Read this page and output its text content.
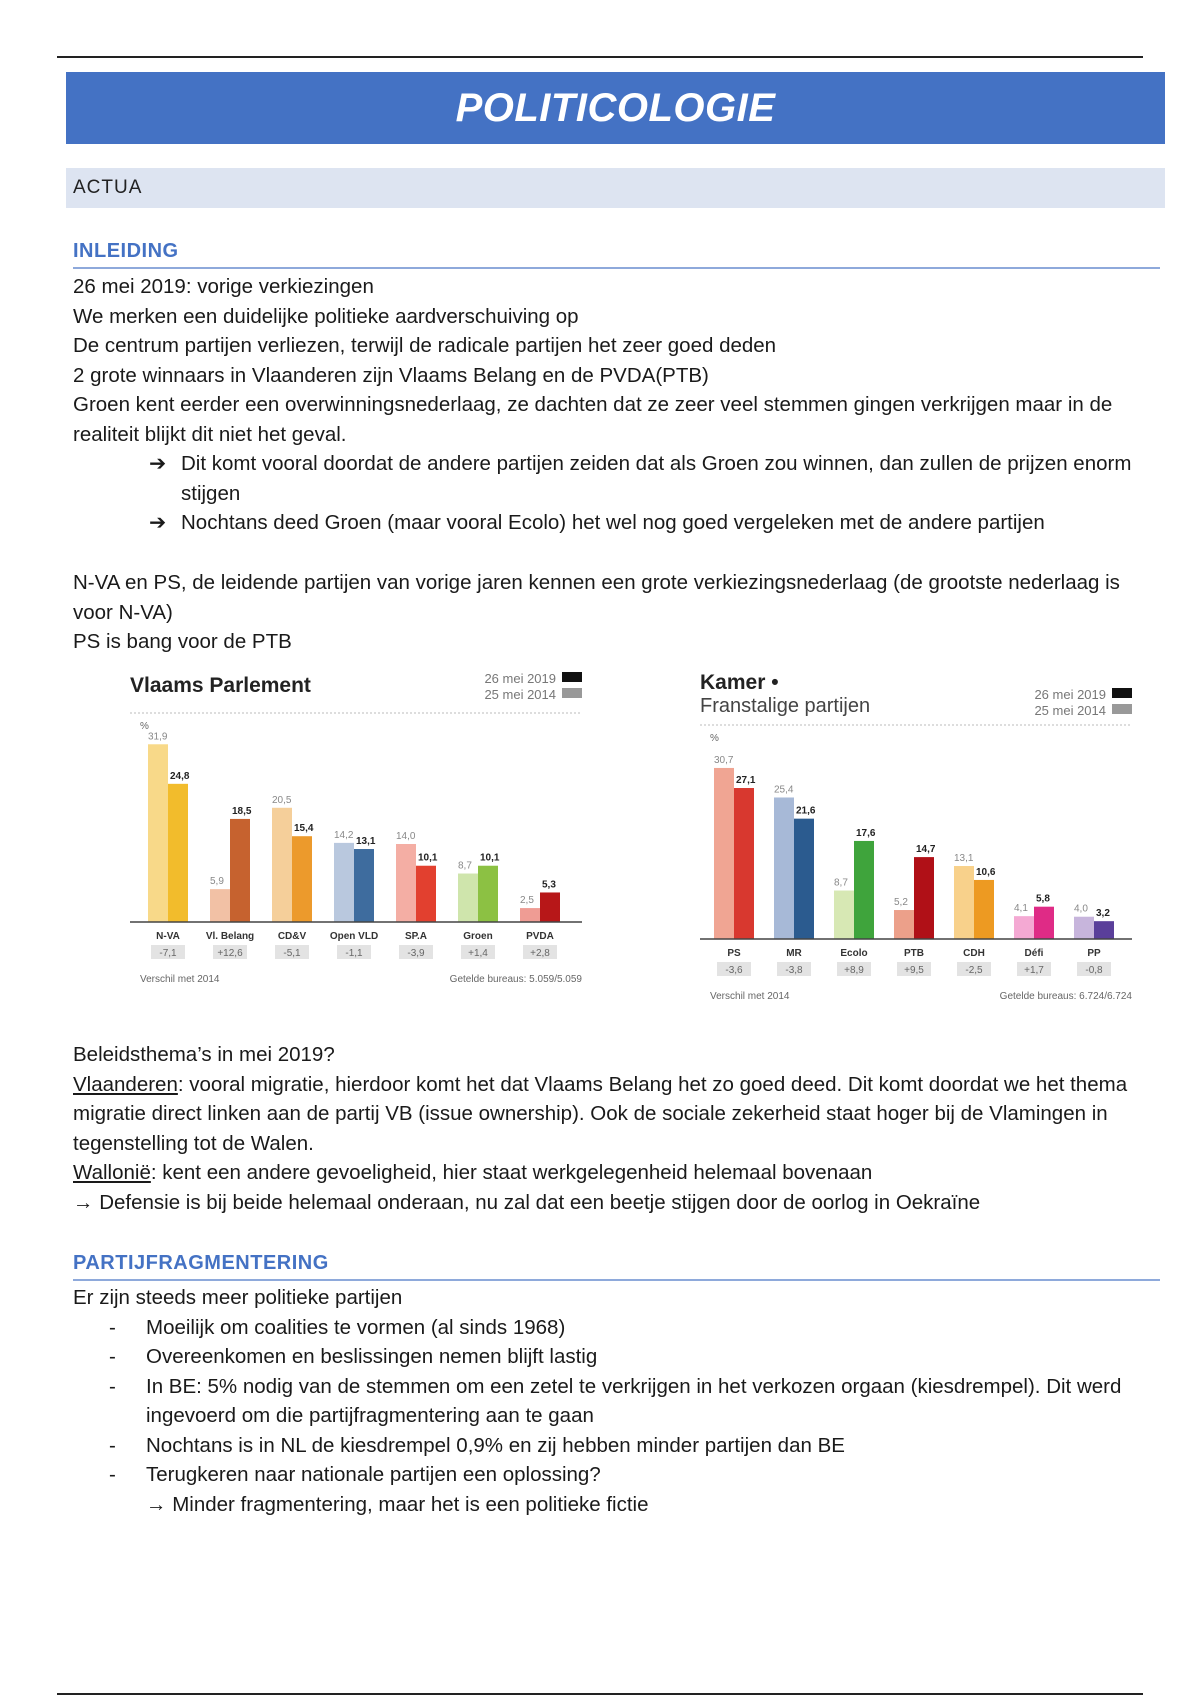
POLITICOLOGIE
ACTUA
INLEIDING

26 mei 2019: vorige verkiezingen

We merken een duidelijke politieke aardverschuiving op

De centrum partijen verliezen, terwijl de radicale partijen het zeer goed deden

2 grote winnaars in Vlaanderen zijn Vlaams Belang en de PVDA(PTB)

Groen kent eerder een overwinningsnederlaag, ze dachten dat ze zeer veel stemmen gingen verkrijgen maar in de realiteit blijkt dit niet het geval.

➔ Dit komt vooral doordat de andere partijen zeiden dat als Groen zou winnen, dan zullen de prijzen enorm stijgen

➔ Nochtans deed Groen (maar vooral Ecolo) het wel nog goed vergeleken met de andere partijen

N-VA en PS, de leidende partijen van vorige jaren kennen een grote verkiezingsnederlaag (de grootste nederlaag is voor N-VA)

PS is bang voor de PTB

Vlaams Parlement	26 mei 2019
25 mei 2014
%
31,9
24,8
N-VA
-7,1
5,9
18,5
Vl. Belang
+12,6
20,5
15,4
CD&V
-5,1
14,2
13,1
Open VLD
-1,1
14,0
10,1
SP.A
-3,9
8,7
10,1
Groen
+1,4
2,5
5,3
PVDA
+2,8
Verschil met 2014	Getelde bureaus: 5.059/5.059
Kamer •
Franstalige partijen
26 mei 2019
25 mei 2014
%
30,7
27,1
PS
-3,6
25,4
21,6
MR
-3,8
8,7
17,6
Ecolo
+8,9
5,2
14,7
PTB
+9,5
13,1
10,6
CDH
-2,5
4,1
5,8
Défi
+1,7
4,0 3,2
PP
-0,8
Verschil met 2014	Getelde bureaus: 6.724/6.724

Beleidsthema’s in mei 2019?

Vlaanderen: vooral migratie, hierdoor komt het dat Vlaams Belang het zo goed deed. Dit komt doordat we het thema migratie direct linken aan de partij VB (issue ownership). Ook de sociale zekerheid staat hoger bij de Vlamingen in tegenstelling tot de Walen.

Wallonië: kent een andere gevoeligheid, hier staat werkgelegenheid helemaal bovenaan

→ Defensie is bij beide helemaal onderaan, nu zal dat een beetje stijgen door de oorlog in Oekraïne

PARTIJFRAGMENTERING

Er zijn steeds meer politieke partijen

- Moeilijk om coalities te vormen (al sinds 1968)

- Overeenkomen en beslissingen nemen blijft lastig

- In BE: 5% nodig van de stemmen om een zetel te verkrijgen in het verkozen orgaan (kiesdrempel). Dit werd ingevoerd om die partijfragmentering aan te gaan

- Nochtans is in NL de kiesdrempel 0,9% en zij hebben minder partijen dan BE

- Terugkeren naar nationale partijen een oplossing?

→ Minder fragmentering, maar het is een politieke fictie
